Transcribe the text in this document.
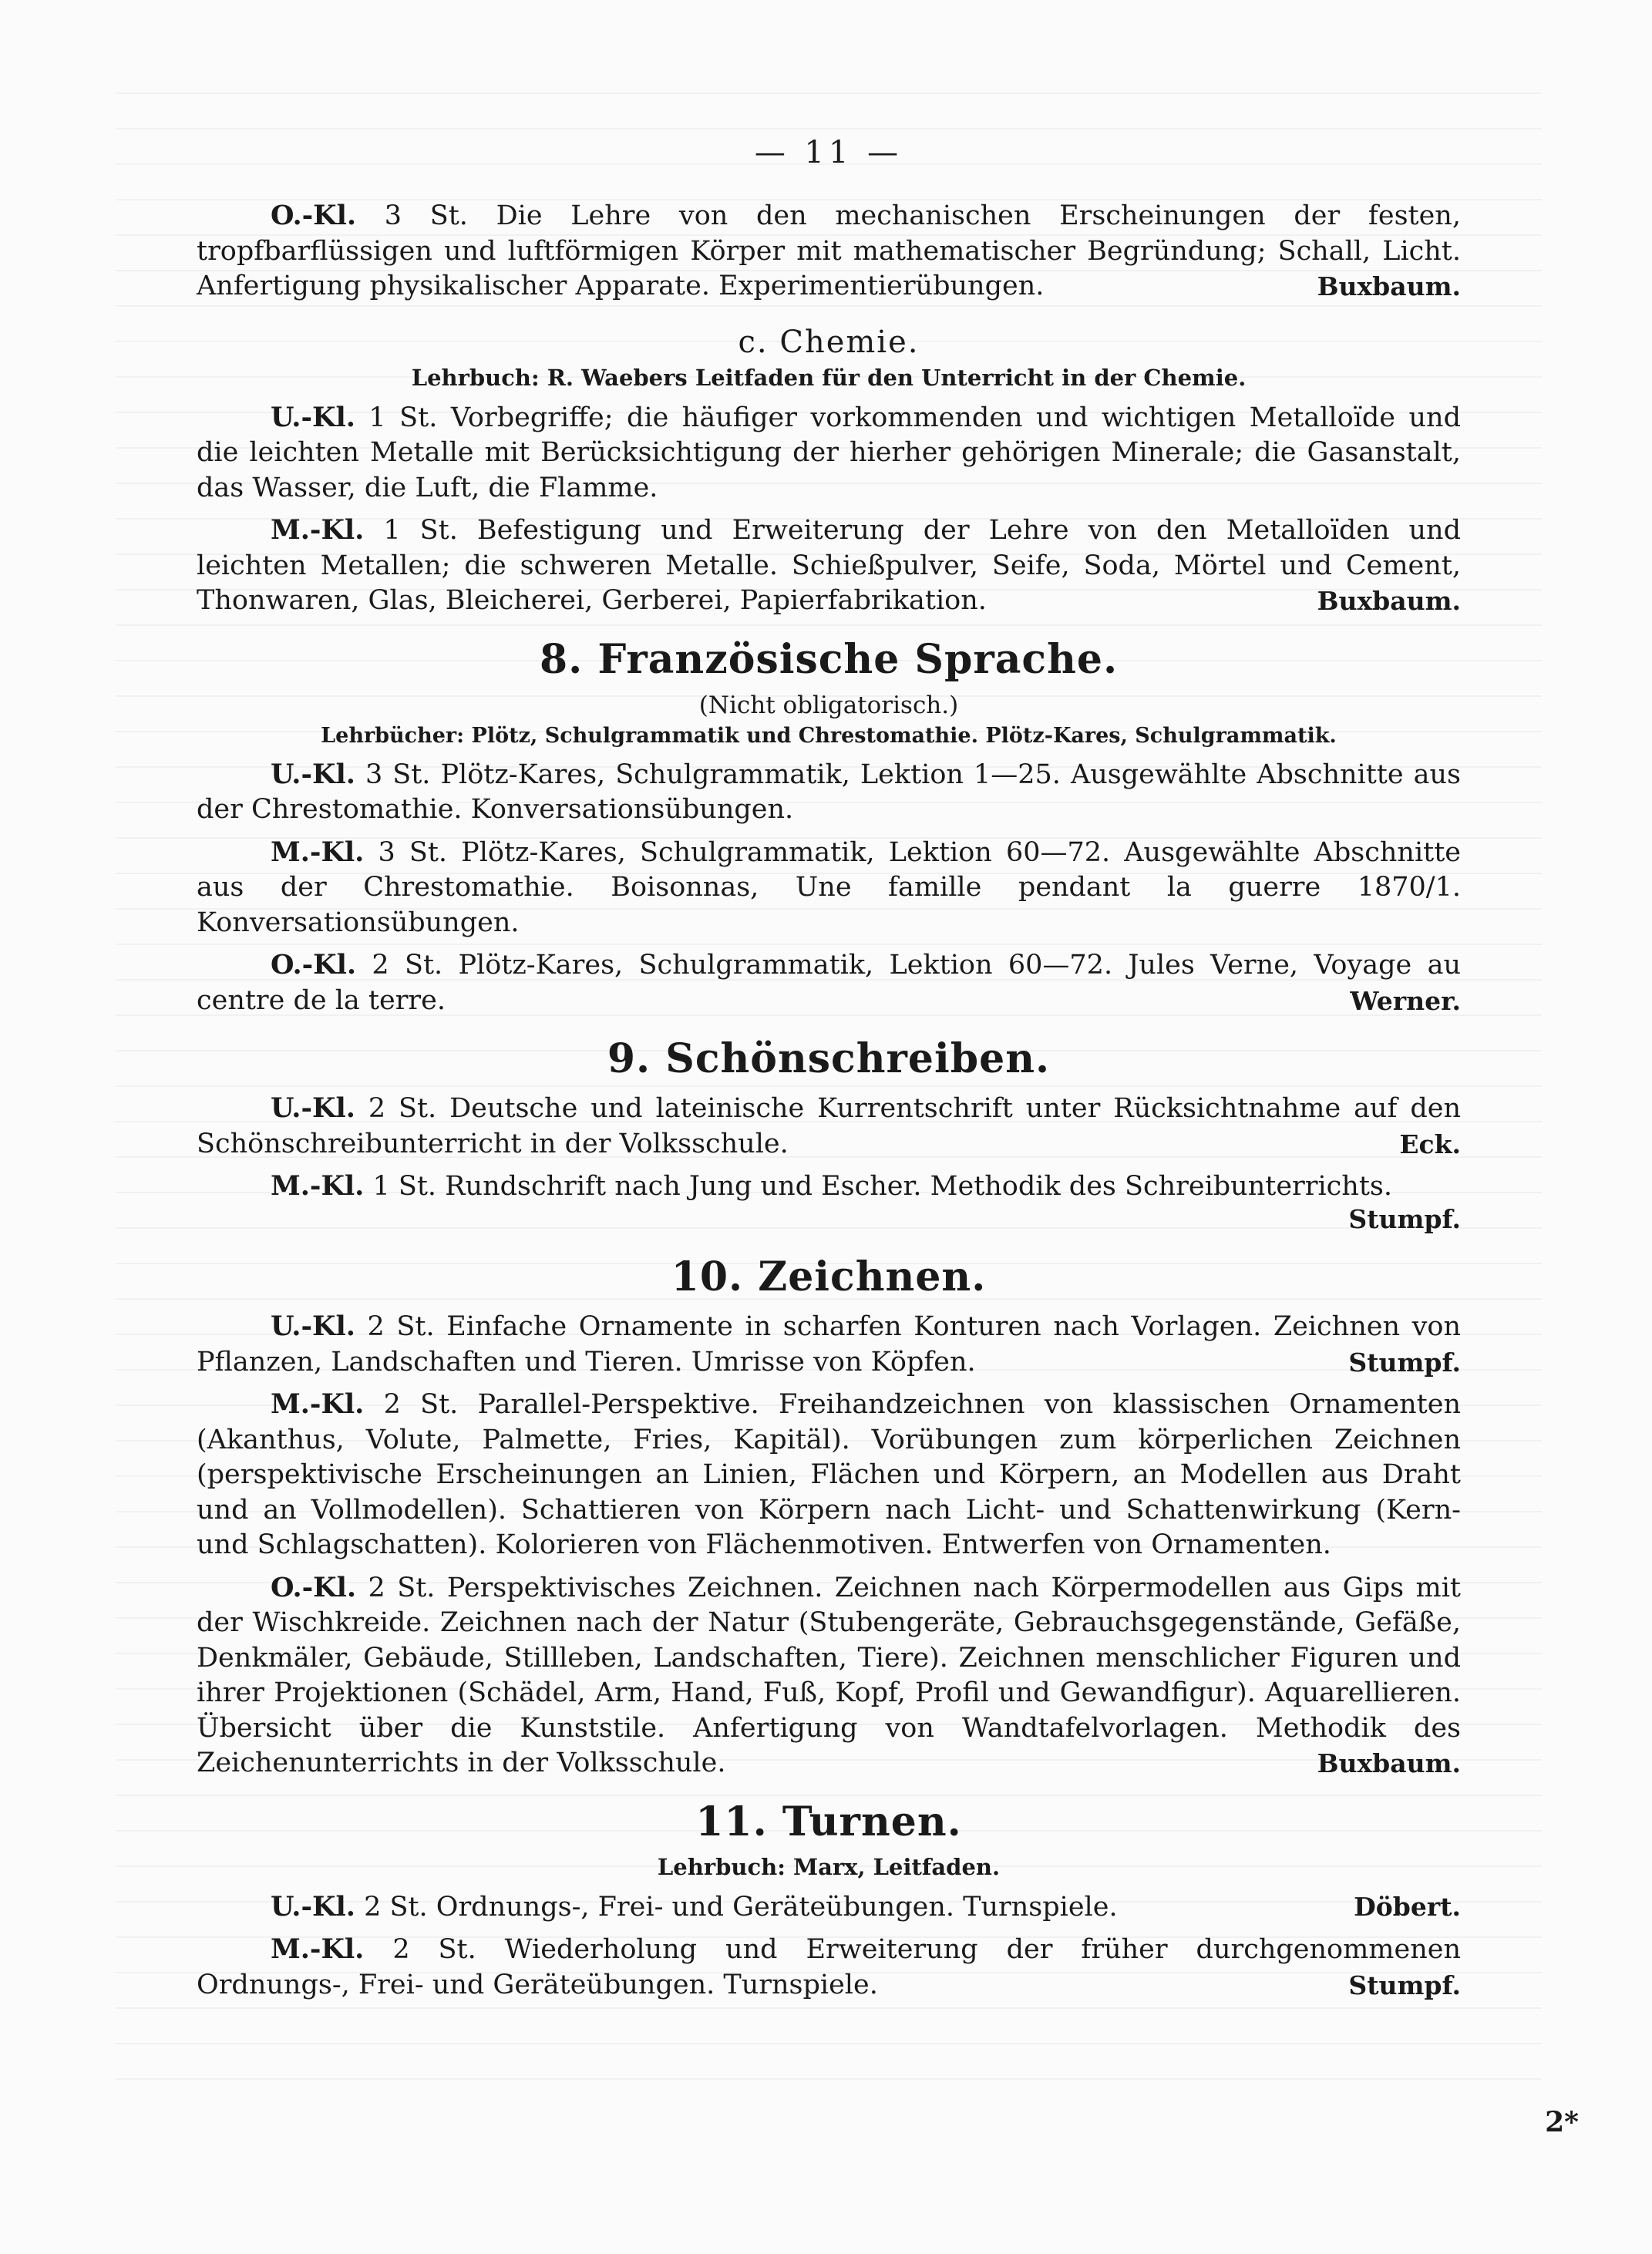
— 11 —

O.-Kl. 3 St. Die Lehre von den mechanischen Erscheinungen der festen, tropfbarflüssigen und luftförmigen Körper mit mathematischer Begründung; Schall, Licht. Anfertigung physikalischer Apparate. Experimentierübungen.	Buxbaum.

c. Chemie.
Lehrbuch: R. Waebers Leitfaden für den Unterricht in der Chemie.

U.-Kl. 1 St. Vorbegriffe; die häufiger vorkommenden und wichtigen Metalloïde und die leichten Metalle mit Berücksichtigung der hierher gehörigen Minerale; die Gasanstalt, das Wasser, die Luft, die Flamme.

M.-Kl. 1 St. Befestigung und Erweiterung der Lehre von den Metalloïden und leichten Metallen; die schweren Metalle. Schießpulver, Seife, Soda, Mörtel und Cement, Thonwaren, Glas, Bleicherei, Gerberei, Papierfabrikation.	Buxbaum.

8. Französische Sprache.
(Nicht obligatorisch.)
Lehrbücher: Plötz, Schulgrammatik und Chrestomathie. Plötz-Kares, Schulgrammatik.

U.-Kl. 3 St. Plötz-Kares, Schulgrammatik, Lektion 1—25. Ausgewählte Abschnitte aus der Chrestomathie. Konversationsübungen.

M.-Kl. 3 St. Plötz-Kares, Schulgrammatik, Lektion 60—72. Ausgewählte Abschnitte aus der Chrestomathie. Boisonnas, Une famille pendant la guerre 1870/1. Konversationsübungen.

O.-Kl. 2 St. Plötz-Kares, Schulgrammatik, Lektion 60—72. Jules Verne, Voyage au centre de la terre.	Werner.

9. Schönschreiben.

U.-Kl. 2 St. Deutsche und lateinische Kurrentschrift unter Rücksichtnahme auf den Schönschreibunterricht in der Volksschule.	Eck.

M.-Kl. 1 St. Rundschrift nach Jung und Escher. Methodik des Schreibunterrichts.
Stumpf.

10. Zeichnen.

U.-Kl. 2 St. Einfache Ornamente in scharfen Konturen nach Vorlagen. Zeichnen von Pflanzen, Landschaften und Tieren. Umrisse von Köpfen.	Stumpf.

M.-Kl. 2 St. Parallel-Perspektive. Freihandzeichnen von klassischen Ornamenten (Akanthus, Volute, Palmette, Fries, Kapitäl). Vorübungen zum körperlichen Zeichnen (perspektivische Erscheinungen an Linien, Flächen und Körpern, an Modellen aus Draht und an Vollmodellen). Schattieren von Körpern nach Licht- und Schattenwirkung (Kern- und Schlagschatten). Kolorieren von Flächenmotiven. Entwerfen von Ornamenten.

O.-Kl. 2 St. Perspektivisches Zeichnen. Zeichnen nach Körpermodellen aus Gips mit der Wischkreide. Zeichnen nach der Natur (Stubengeräte, Gebrauchsgegenstände, Gefäße, Denkmäler, Gebäude, Stillleben, Landschaften, Tiere). Zeichnen menschlicher Figuren und ihrer Projektionen (Schädel, Arm, Hand, Fuß, Kopf, Profil und Gewandfigur). Aquarellieren. Übersicht über die Kunststile. Anfertigung von Wandtafelvorlagen. Methodik des Zeichenunterrichts in der Volksschule.	Buxbaum.

11. Turnen.
Lehrbuch: Marx, Leitfaden.

U.-Kl. 2 St. Ordnungs-, Frei- und Geräteübungen. Turnspiele.	Döbert.

M.-Kl. 2 St. Wiederholung und Erweiterung der früher durchgenommenen Ordnungs-, Frei- und Geräteübungen. Turnspiele.	Stumpf.

2*
